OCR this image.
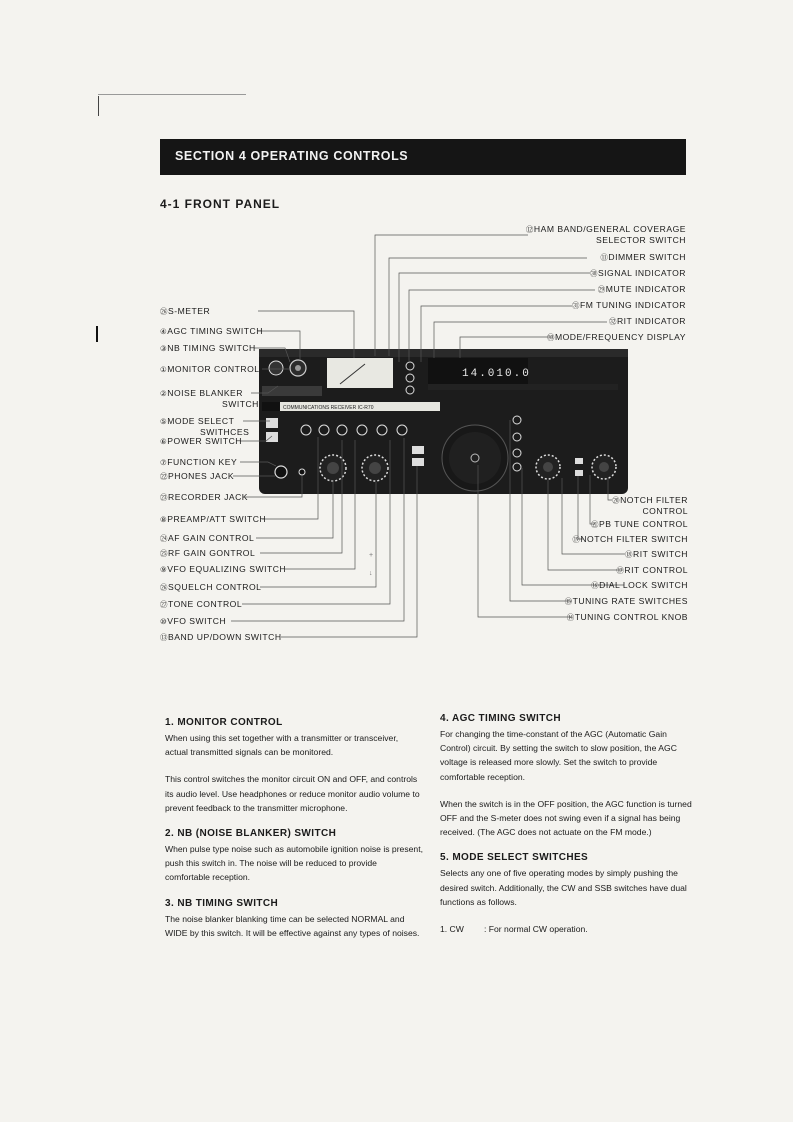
SECTION 4 OPERATING CONTROLS
4-1 FRONT PANEL
14.010.0
COMMUNICATIONS RECEIVER IC-R70
+
↓
㉖S-METER
④AGC TIMING SWITCH
③NB TIMING SWITCH
①MONITOR CONTROL
②NOISE BLANKER
SWITCH
⑤MODE SELECT
SWITHCES
⑥POWER SWITCH
⑦FUNCTION KEY
㉒PHONES JACK
㉓RECORDER JACK
⑧PREAMP/ATT SWITCH
㉔AF GAIN CONTROL
㉕RF GAIN GONTROL
⑨VFO EQUALIZING SWITCH
㉖SQUELCH CONTROL
㉗TONE CONTROL
⑩VFO SWITCH
⑬BAND UP/DOWN SWITCH
⑫HAM BAND/GENERAL COVERAGE
SELECTOR SWITCH
⑪DIMMER SWITCH
㉚SIGNAL INDICATOR
㉙MUTE INDICATOR
㉛FM TUNING INDICATOR
㉜RIT INDICATOR
㉝MODE/FREQUENCY DISPLAY
⑳NOTCH FILTER
CONTROL
㉑PB TUNE CONTROL
⑲NOTCH FILTER SWITCH
⑱RIT SWITCH
⑰RIT CONTROL
⑯DIAL LOCK SWITCH
⑮TUNING RATE SWITCHES
⑭TUNING CONTROL KNOB
1. MONITOR CONTROL

When using this set together with a transmitter or transceiver, actual transmitted signals can be monitored.

This control switches the monitor circuit ON and OFF, and controls its audio level. Use headphones or reduce monitor audio volume to prevent feedback to the transmitter microphone.

2. NB (NOISE BLANKER) SWITCH

When pulse type noise such as automobile ignition noise is present, push this switch in. The noise will be reduced to provide comfortable reception.

3. NB TIMING SWITCH

The noise blanker blanking time can be selected NORMAL and WIDE by this switch. It will be effective against any types of noises.

4. AGC TIMING SWITCH

For changing the time-constant of the AGC (Automatic Gain Control) circuit. By setting the switch to slow position, the AGC voltage is released more slowly. Set the switch to provide comfortable reception.

When the switch is in the OFF position, the AGC function is turned OFF and the S-meter does not swing even if a signal has being received. (The AGC does not actuate on the FM mode.)

5. MODE SELECT SWITCHES

Selects any one of five operating modes by simply pushing the desired switch. Additionally, the CW and SSB switches have dual functions as follows.

1. CW : For normal CW operation.
